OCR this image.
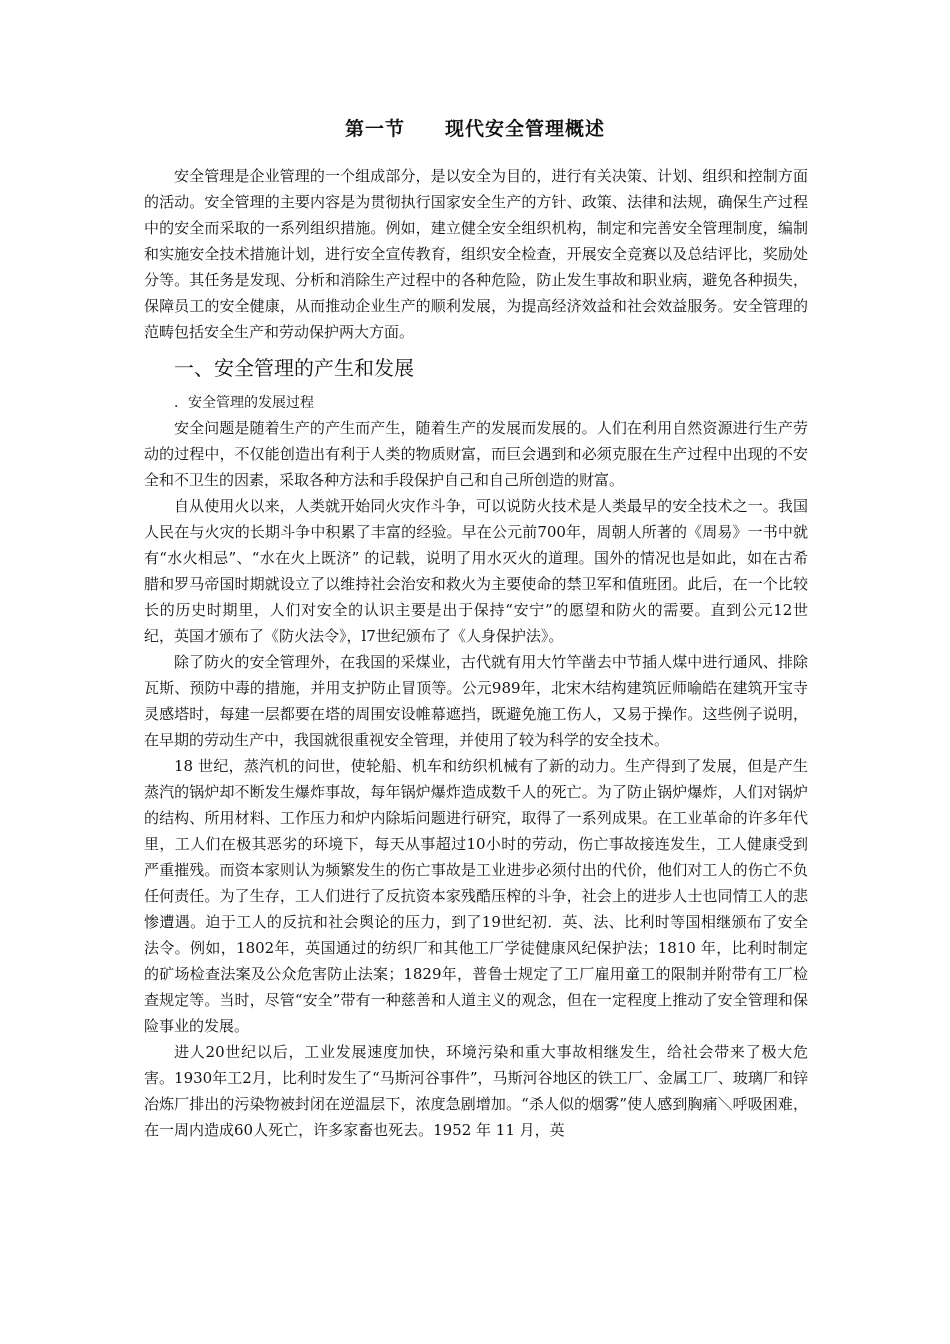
第一节　　现代安全管理概述

安全管理是企业管理的一个组成部分，是以安全为目的，进行有关决策、计划、组织和控制方面的活动。安全管理的主要内容是为贯彻执行国家安全生产的方针、政策、法律和法规，确保生产过程中的安全而采取的一系列组织措施。例如，建立健全安全组织机构，制定和完善安全管理制度，编制和实施安全技术措施计划，进行安全宣传教育，组织安全检查，开展安全竞赛以及总结评比，奖励处分等。其任务是发现、分析和消除生产过程中的各种危险，防止发生事故和职业病，避免各种损失，保障员工的安全健康，从而推动企业生产的顺利发展，为提高经济效益和社会效益服务。安全管理的范畴包括安全生产和劳动保护两大方面。

一、安全管理的产生和发展
．安全管理的发展过程

安全问题是随着生产的产生而产生，随着生产的发展而发展的。人们在利用自然资源进行生产劳动的过程中，不仅能创造出有利于人类的物质财富，而巨会遇到和必须克服在生产过程中出现的不安全和不卫生的因素，采取各种方法和手段保护自己和自己所创造的财富。

自从使用火以来，人类就开始同火灾作斗争，可以说防火技术是人类最早的安全技术之一。我国人民在与火灾的长期斗争中积累了丰富的经验。早在公元前700年，周朝人所著的《周易》一书中就有“水火相忌”、“水在火上既济” 的记载，说明了用水灭火的道理。国外的情况也是如此，如在古希腊和罗马帝国时期就设立了以维持社会治安和救火为主要使命的禁卫军和值班团。此后，在一个比较长的历史时期里，人们对安全的认识主要是出于保持“安宁”的愿望和防火的需要。直到公元12世纪，英国才颁布了《防火法令》，l7世纪颁布了《人身保护法》。

除了防火的安全管理外，在我国的采煤业，古代就有用大竹竿凿去中节插人煤中进行通风、排除瓦斯、预防中毒的措施，并用支护防止冒顶等。公元989年，北宋木结构建筑匠师喻皓在建筑开宝寺灵感塔时，每建一层都要在塔的周围安设帷幕遮挡，既避免施工伤人，又易于操作。这些例子说明，在早期的劳动生产中，我国就很重视安全管理，并使用了较为科学的安全技术。

18 世纪，蒸汽机的问世，使轮船、机车和纺织机械有了新的动力。生产得到了发展，但是产生蒸汽的锅炉却不断发生爆炸事故，每年锅炉爆炸造成数千人的死亡。为了防止锅炉爆炸，人们对锅炉的结构、所用材料、工作压力和炉内除垢问题进行研究，取得了一系列成果。在工业革命的许多年代里，工人们在极其恶劣的环境下，每天从事超过10小时的劳动，伤亡事故接连发生，工人健康受到严重摧残。而资本家则认为频繁发生的伤亡事故是工业进步必须付出的代价，他们对工人的伤亡不负任何责任。为了生存，工人们进行了反抗资本家残酷压榨的斗争，社会上的进步人士也同情工人的悲惨遭遇。迫于工人的反抗和社会舆论的压力，到了19世纪初．英、法、比利时等国相继颁布了安全法令。例如，1802年，英国通过的纺织厂和其他工厂学徒健康风纪保护法；1810 年，比利时制定的矿场检查法案及公众危害防止法案；1829年，普鲁士规定了工厂雇用童工的限制并附带有工厂检查规定等。当时，尽管“安全”带有一种慈善和人道主义的观念，但在一定程度上推动了安全管理和保险事业的发展。

进人20世纪以后，工业发展速度加快，环境污染和重大事故相继发生，给社会带来了极大危害。1930年工2月，比利时发生了“马斯河谷事件”，马斯河谷地区的铁工厂、金属工厂、玻璃厂和锌冶炼厂排出的污染物被封闭在逆温层下，浓度急剧增加。“杀人似的烟雾”使人感到胸痛＼呼吸困难，在一周内造成60人死亡，许多家畜也死去。1952 年 11 月，英
